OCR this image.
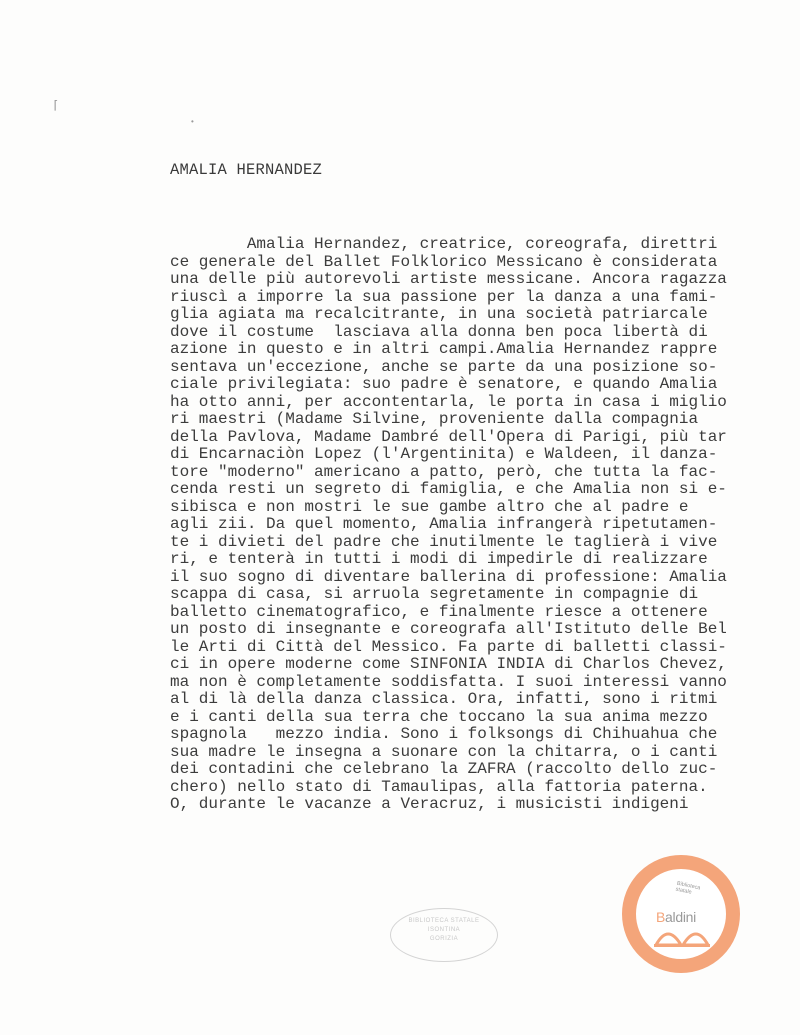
⌈
•
AMALIA HERNANDEZ
Amalia Hernandez, creatrice, coreografa, direttri
ce generale del Ballet Folklorico Messicano è considerata
una delle più autorevoli artiste messicane. Ancora ragazza
riuscì a imporre la sua passione per la danza a una fami-
glia agiata ma recalcitrante, in una società patriarcale
dove il costume  lasciava alla donna ben poca libertà di
azione in questo e in altri campi.Amalia Hernandez rappre
sentava un'eccezione, anche se parte da una posizione so-
ciale privilegiata: suo padre è senatore, e quando Amalia
ha otto anni, per accontentarla, le porta in casa i miglio
ri maestri (Madame Silvine, proveniente dalla compagnia
della Pavlova, Madame Dambré dell'Opera di Parigi, più tar
di Encarnaciòn Lopez (l'Argentinita) e Waldeen, il danza-
tore "moderno" americano a patto, però, che tutta la fac-
cenda resti un segreto di famiglia, e che Amalia non si e-
sibisca e non mostri le sue gambe altro che al padre e
agli zii. Da quel momento, Amalia infrangerà ripetutamen-
te i divieti del padre che inutilmente le taglierà i vive
ri, e tenterà in tutti i modi di impedirle di realizzare
il suo sogno di diventare ballerina di professione: Amalia
scappa di casa, si arruola segretamente in compagnie di
balletto cinematografico, e finalmente riesce a ottenere
un posto di insegnante e coreografa all'Istituto delle Bel
le Arti di Città del Messico. Fa parte di balletti classi-
ci in opere moderne come SINFONIA INDIA di Charlos Chevez,
ma non è completamente soddisfatta. I suoi interessi vanno
al di là della danza classica. Ora, infatti, sono i ritmi
e i canti della sua terra che toccano la sua anima mezzo
spagnola   mezzo india. Sono i folksongs di Chihuahua che
sua madre le insegna a suonare con la chitarra, o i canti
dei contadini che celebrano la ZAFRA (raccolto dello zuc-
chero) nello stato di Tamaulipas, alla fattoria paterna.
O, durante le vacanze a Veracruz, i musicisti indigeni
BIBLIOTECA STATALE
ISONTINA
GORIZIA
Biblioteca
statale
Baldini
